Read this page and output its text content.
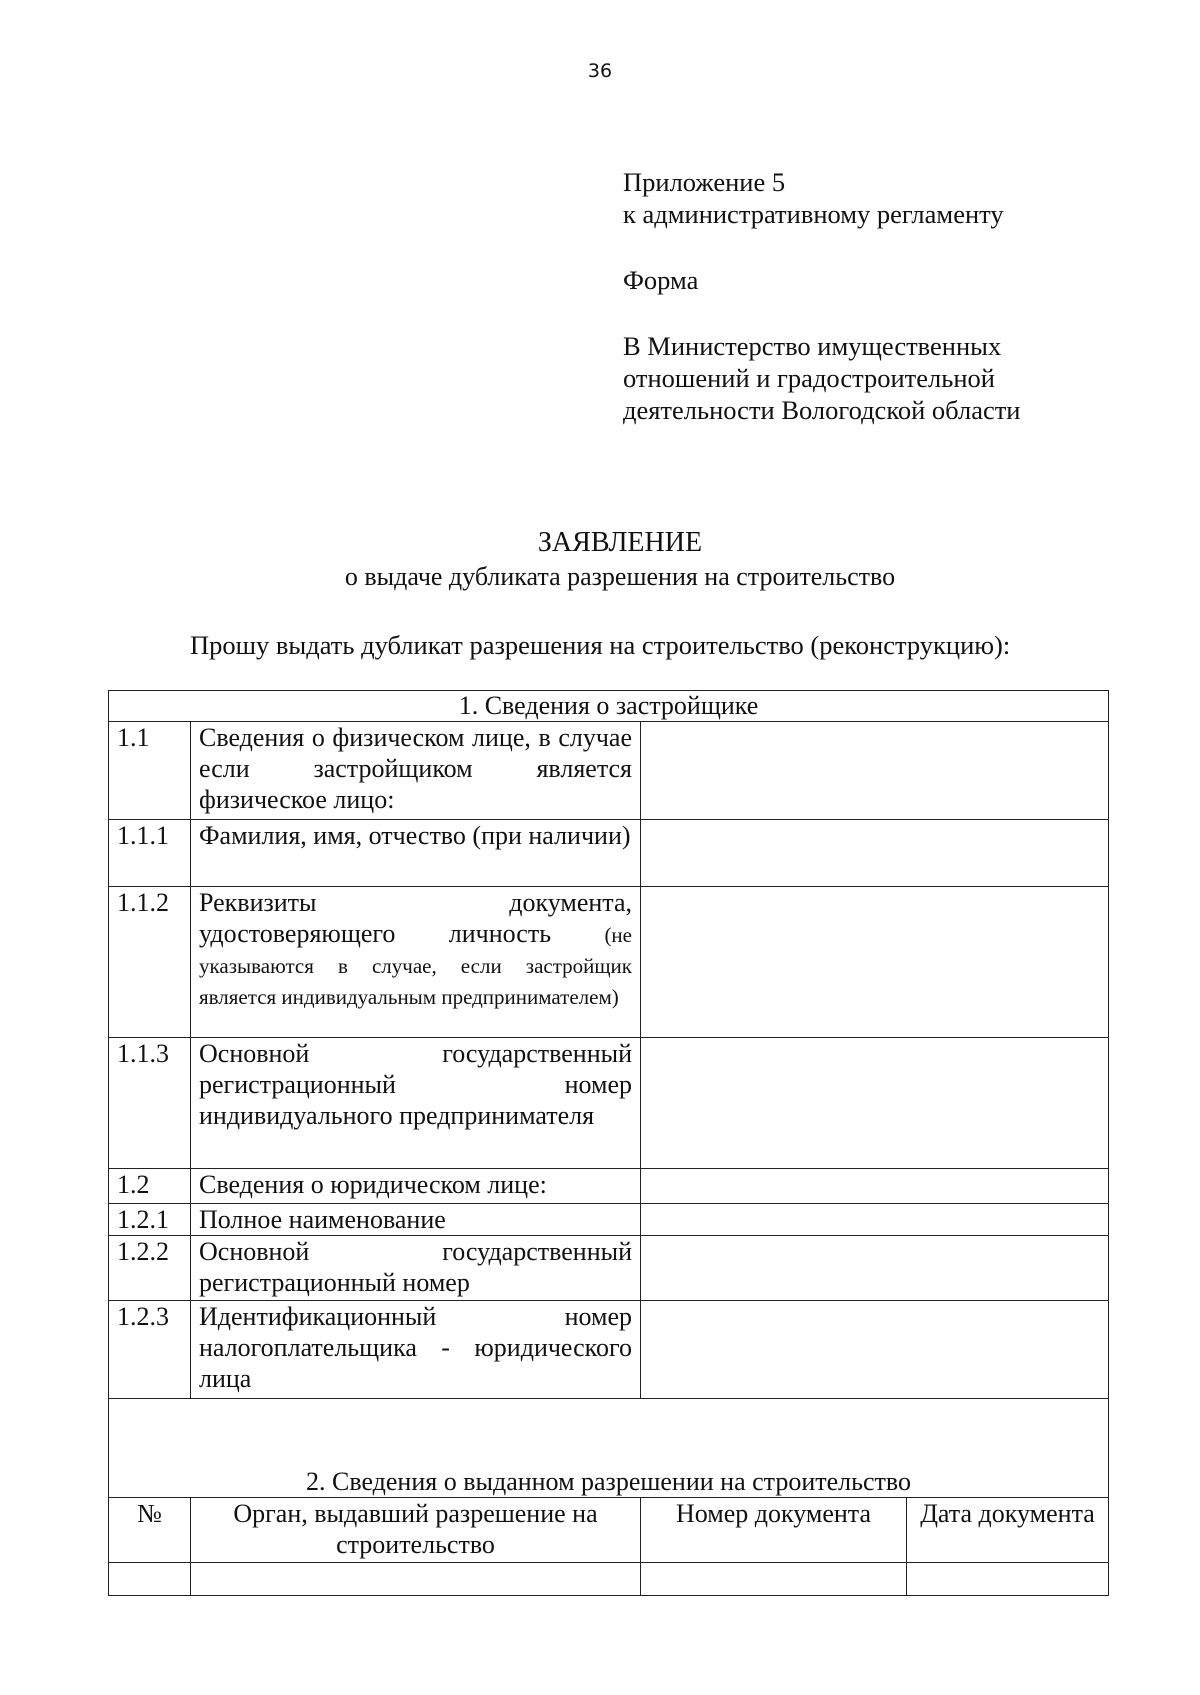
36
Приложение 5
к административному регламенту
Форма
В Министерство имущественных
отношений и градостроительной
деятельности Вологодской области
ЗАЯВЛЕНИЕ
о выдаче дубликата разрешения на строительство
Прошу выдать дубликат разрешения на строительство (реконструкцию):
1. Сведения о застройщике			
1.1	Сведения о физическом лице, в случае если застройщиком является физическое лицо:		
1.1.1	Фамилия, имя, отчество (при наличии)		
1.1.2	Реквизиты документа, удостоверяющего личность (не указываются в случае, если застройщик является индивидуальным предпринимателем)		
1.1.3	Основной государственный регистрационный номер индивидуального предпринимателя		
1.2	Сведения о юридическом лице:		
1.2.1	Полное наименование		
1.2.2	Основной государственный регистрационный номер		
1.2.3	Идентификационный номер налогоплательщика - юридического лица		
2. Сведения о выданном разрешении на строительство			
№	Орган, выдавший разрешение на строительство	Номер документа	Дата документа
